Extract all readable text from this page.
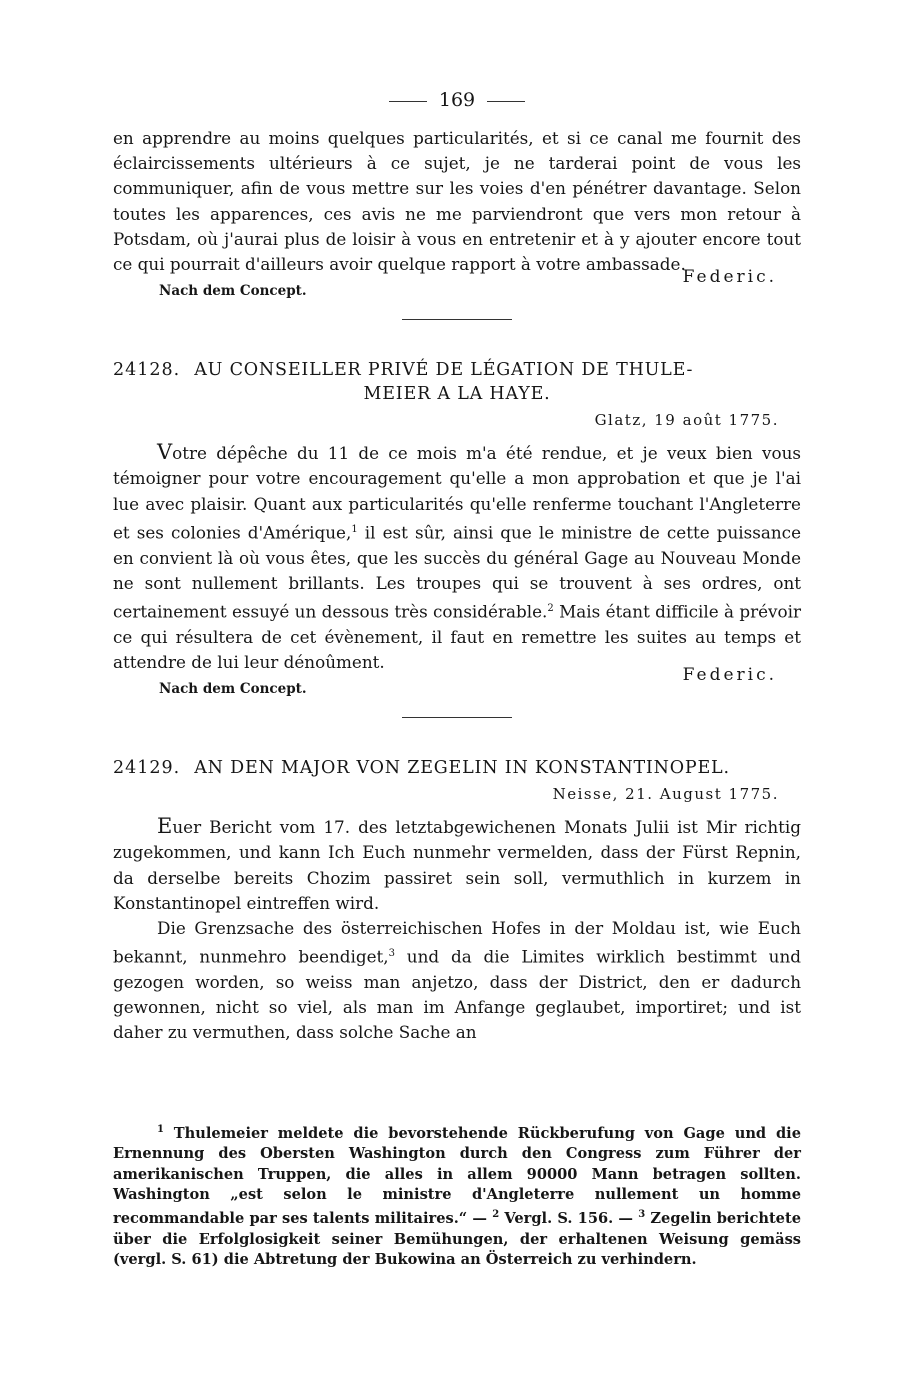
169

en apprendre au moins quelques particularités, et si ce canal me fournit des éclaircissements ultérieurs à ce sujet, je ne tarderai point de vous les communiquer, afin de vous mettre sur les voies d'en pénétrer davantage. Selon toutes les apparences, ces avis ne me parviendront que vers mon retour à Potsdam, où j'aurai plus de loisir à vous en entretenir et à y ajouter encore tout ce qui pourrait d'ailleurs avoir quelque rapport à votre ambassade.

Federic.
Nach dem Concept.

24128. AU CONSEILLER PRIVÉ DE LÉGATION DE THULE-

MEIER A LA HAYE.

Glatz, 19 août 1775.

Votre dépêche du 11 de ce mois m'a été rendue, et je veux bien vous témoigner pour votre encouragement qu'elle a mon approbation et que je l'ai lue avec plaisir. Quant aux particularités qu'elle renferme touchant l'Angleterre et ses colonies d'Amérique,$^1$ il est sûr, ainsi que le ministre de cette puissance en convient là où vous êtes, que les succès du général Gage au Nouveau Monde ne sont nullement brillants. Les troupes qui se trouvent à ses ordres, ont certainement essuyé un dessous très considérable.$^2$ Mais étant difficile à prévoir ce qui résultera de cet évènement, il faut en remettre les suites au temps et attendre de lui leur dénoûment.

Federic.
Nach dem Concept.

24129. AN DEN MAJOR VON ZEGELIN IN KONSTANTINOPEL.

Neisse, 21. August 1775.

Euer Bericht vom 17. des letztabgewichenen Monats Julii ist Mir richtig zugekommen, und kann Ich Euch nunmehr vermelden, dass der Fürst Repnin, da derselbe bereits Chozim passiret sein soll, vermuthlich in kurzem in Konstantinopel eintreffen wird.

Die Grenzsache des österreichischen Hofes in der Moldau ist, wie Euch bekannt, nunmehro beendiget,$^3$ und da die Limites wirklich bestimmt und gezogen worden, so weiss man anjetzo, dass der District, den er dadurch gewonnen, nicht so viel, als man im Anfange geglaubet, importiret; und ist daher zu vermuthen, dass solche Sache an

$^1$ Thulemeier meldete die bevorstehende Rückberufung von Gage und die Ernennung des Obersten Washington durch den Congress zum Führer der amerikanischen Truppen, die alles in allem 90000 Mann betragen sollten. Washington „est selon le ministre d'Angleterre nullement un homme recommandable par ses talents militaires.“ — $^2$ Vergl. S. 156. — $^3$ Zegelin berichtete über die Erfolglosigkeit seiner Bemühungen, der erhaltenen Weisung gemäss (vergl. S. 61) die Abtretung der Bukowina an Österreich zu verhindern.
